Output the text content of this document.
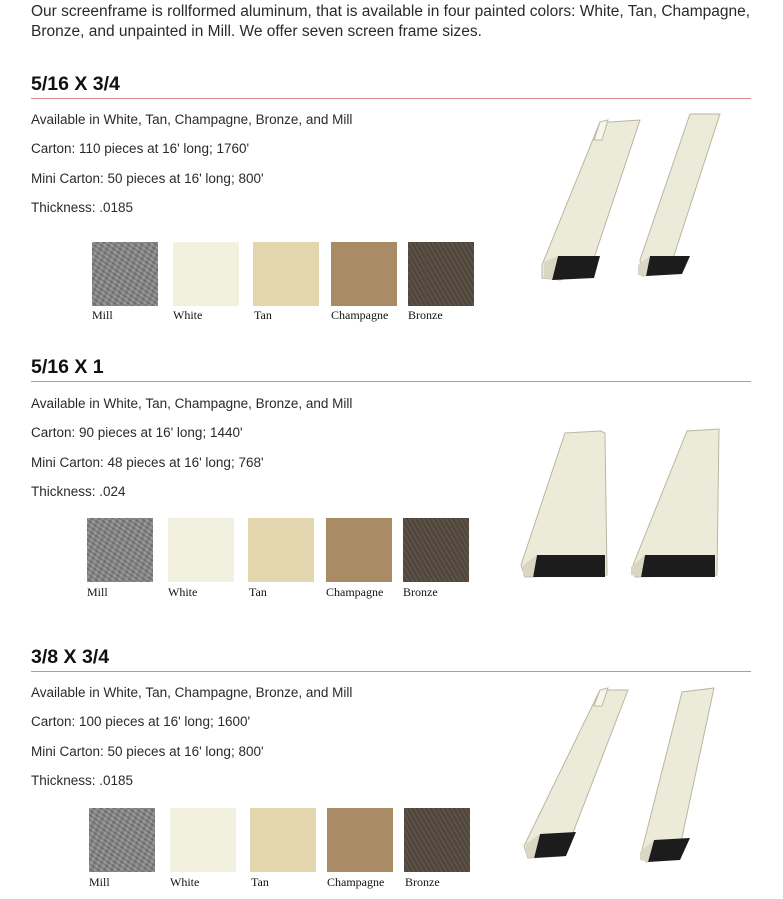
Our screenframe is rollformed aluminum, that is available in four painted colors: White, Tan, Champagne, Bronze, and unpainted in Mill. We offer seven screen frame sizes.
5/16 X 3/4
Available in White, Tan, Champagne, Bronze, and Mill
Carton: 110 pieces at 16' long; 1760'
Mini Carton: 50 pieces at 16' long; 800'
Thickness: .0185
Mill	White	Tan	Champagne Bronze
5/16 X 1
Available in White, Tan, Champagne, Bronze, and Mill
Carton: 90 pieces at 16' long; 1440'
Mini Carton: 48 pieces at 16' long; 768'
Thickness: .024
Mill	White	Tan	Champagne Bronze
3/8 X 3/4
Available in White, Tan, Champagne, Bronze, and Mill
Carton: 100 pieces at 16' long; 1600'
Mini Carton: 50 pieces at 16' long; 800'
Thickness: .0185
Mill	White	Tan	Champagne Bronze
